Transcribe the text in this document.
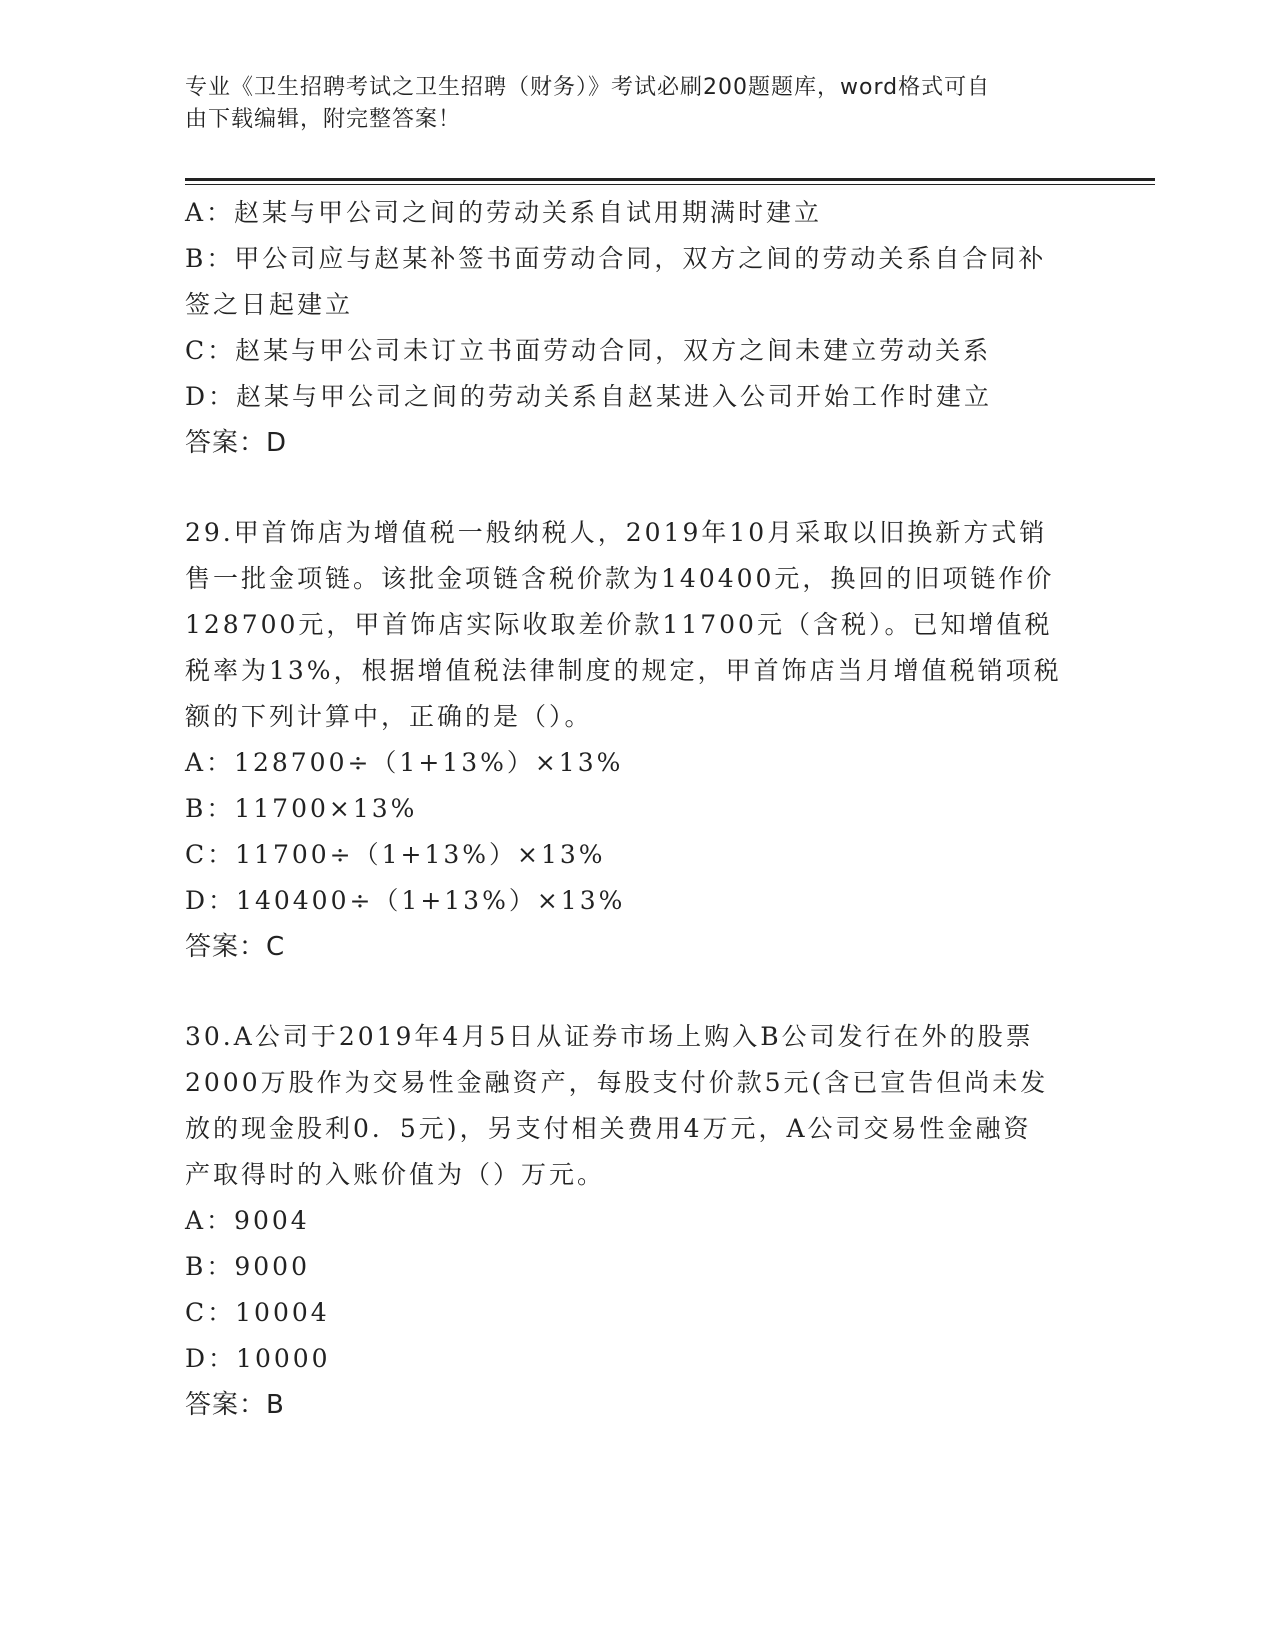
专业《卫生招聘考试之卫生招聘（财务）》考试必刷200题题库，word格式可自
由下载编辑，附完整答案！
A：赵某与甲公司之间的劳动关系自试用期满时建立
B：甲公司应与赵某补签书面劳动合同，双方之间的劳动关系自合同补
签之日起建立
C：赵某与甲公司未订立书面劳动合同，双方之间未建立劳动关系
D：赵某与甲公司之间的劳动关系自赵某进入公司开始工作时建立
答案：D
29.甲首饰店为增值税一般纳税人，2019年10月采取以旧换新方式销
售一批金项链。该批金项链含税价款为140400元，换回的旧项链作价
128700元，甲首饰店实际收取差价款11700元（含税）。已知增值税
税率为13%，根据增值税法律制度的规定，甲首饰店当月增值税销项税
额的下列计算中，正确的是（）。
A：128700÷（1+13%）×13%
B：11700×13%
C：11700÷（1+13%）×13%
D：140400÷（1+13%）×13%
答案：C
30.A公司于2019年4月5日从证券市场上购入B公司发行在外的股票
2000万股作为交易性金融资产，每股支付价款5元(含已宣告但尚未发
放的现金股利0．5元)，另支付相关费用4万元，A公司交易性金融资
产取得时的入账价值为（）万元。
A：9004
B：9000
C：10004
D：10000
答案：B
